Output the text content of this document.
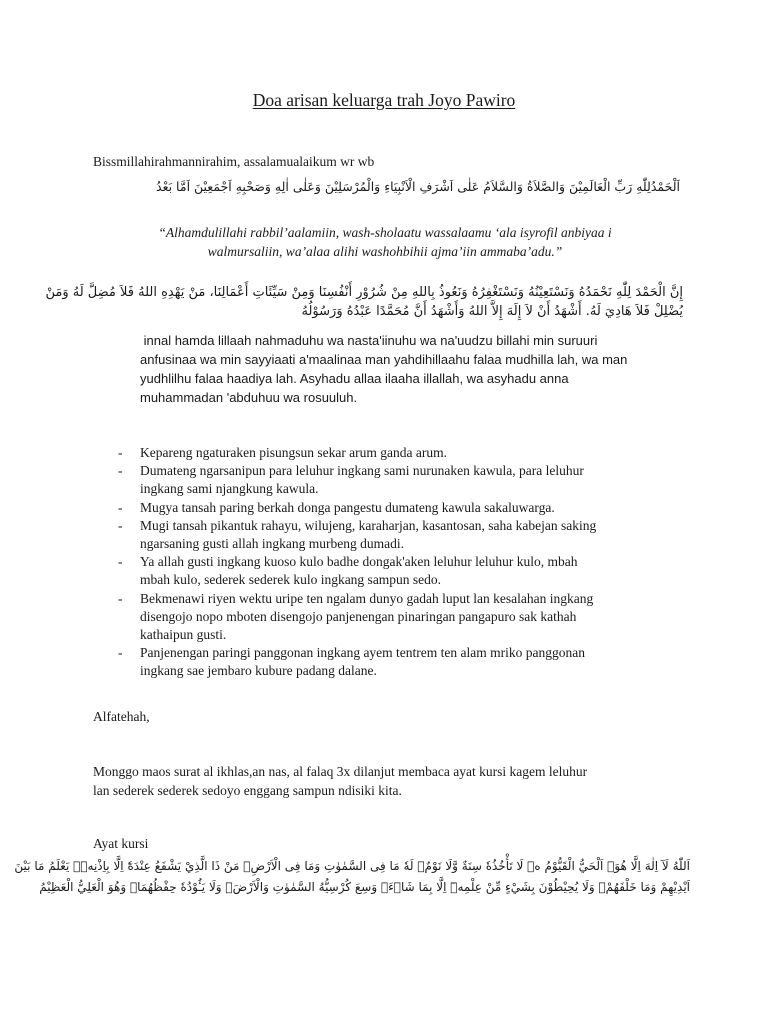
Doa arisan keluarga trah Joyo Pawiro
Bissmillahirahmannirahim, assalamualaikum wr wb
اَلْحَمْدُلِلّٰهِ رَبِّ الْعَالَمِيْنَ وَالصَّلاَةُ وَالسَّلاَمُ عَلٰى اَشْرَفِ الْاَنْبِيَاءِ وَالْمُرْسَلِيْنَ وَعَلٰى اٰلِهِ وَصَحْبِهِ اَجْمَعِيْنَ اَمَّا بَعْدُ
“Alhamdulillahi rabbil’aalamiin, wash-sholaatu wassalaamu ‘ala isyrofil anbiyaa i
walmursaliin, wa’alaa alihi washohbihii ajma’iin ammaba’adu.”
إِنَّ الْحَمْدَ لِلّٰهِ نَحْمَدُهُ وَنَسْتَعِيْنُهُ وَنَسْتَغْفِرُهُ وَنَعُوذُ بِاللهِ مِنْ شُرُوْرِ أَنْفُسِنَا وَمِنْ سَيِّئَاتِ أَعْمَالِنَا، مَنْ يَهْدِهِ اللهُ فَلاَ مُضِلَّ لَهُ وَمَنْ
يُضْلِلْ فَلاَ هَادِيَ لَهُ. أَشْهَدُ أَنْ لاَ إِلَهَ إِلاَّ اللهُ وَأَشْهَدُ أَنَّ مُحَمَّدًا عَبْدُهُ وَرَسُوْلُهُ
innal hamda lillaah nahmaduhu wa nasta'iinuhu wa na'uudzu billahi min suruuri
anfusinaa wa min sayyiaati a'maalinaa man yahdihillaahu falaa mudhilla lah, wa man
yudhlilhu falaa haadiya lah. Asyhadu allaa ilaaha illallah, wa asyhadu anna
muhammadan 'abduhuu wa rosuuluh.
- Kepareng ngaturaken pisungsun sekar arum ganda arum.
- Dumateng ngarsanipun para leluhur ingkang sami nurunaken kawula, para leluhur
ingkang sami njangkung kawula.
- Mugya tansah paring berkah donga pangestu dumateng kawula sakaluwarga.
- Mugi tansah pikantuk rahayu, wilujeng, karaharjan, kasantosan, saha kabejan saking
ngarsaning gusti allah ingkang murbeng dumadi.
- Ya allah gusti ingkang kuoso kulo badhe dongak'aken leluhur leluhur kulo, mbah
mbah kulo, sederek sederek kulo ingkang sampun sedo.
- Bekmenawi riyen wektu uripe ten ngalam dunyo gadah luput lan kesalahan ingkang
disengojo nopo mboten disengojo panjenengan pinaringan pangapuro sak kathah
kathaipun gusti.
- Panjenengan paringi panggonan ingkang ayem tentrem ten alam mriko panggonan
ingkang sae jembaro kubure padang dalane.
Alfatehah,
Monggo maos surat al ikhlas,an nas, al falaq 3x dilanjut membaca ayat kursi kagem leluhur
lan sederek sederek sedoyo enggang sampun ndisiki kita.
Ayat kursi
اَللّٰهُ لَآ اِلٰهَ اِلَّا هُوَۚ اَلْحَيُّ الْقَيُّوْمُ ەۚ لَا تَأْخُذُهٗ سِنَةٌ وَّلَا نَوْمٌۗ لَهٗ مَا فِى السَّمٰوٰتِ وَمَا فِى الْاَرْضِۗ مَنْ ذَا الَّذِيْ يَشْفَعُ عِنْدَهٗٓ اِلَّا بِاِذْنِهٖۗ يَعْلَمُ مَا بَيْنَ
اَيْدِيْهِمْ وَمَا خَلْفَهُمْۚ وَلَا يُحِيْطُوْنَ بِشَيْءٍ مِّنْ عِلْمِهٖٓ اِلَّا بِمَا شَاۤءَۚ وَسِعَ كُرْسِيُّهُ السَّمٰوٰتِ وَالْاَرْضَۚ وَلَا يَـُٔوْدُهٗ حِفْظُهُمَاۚ وَهُوَ الْعَلِيُّ الْعَظِيْمُ
